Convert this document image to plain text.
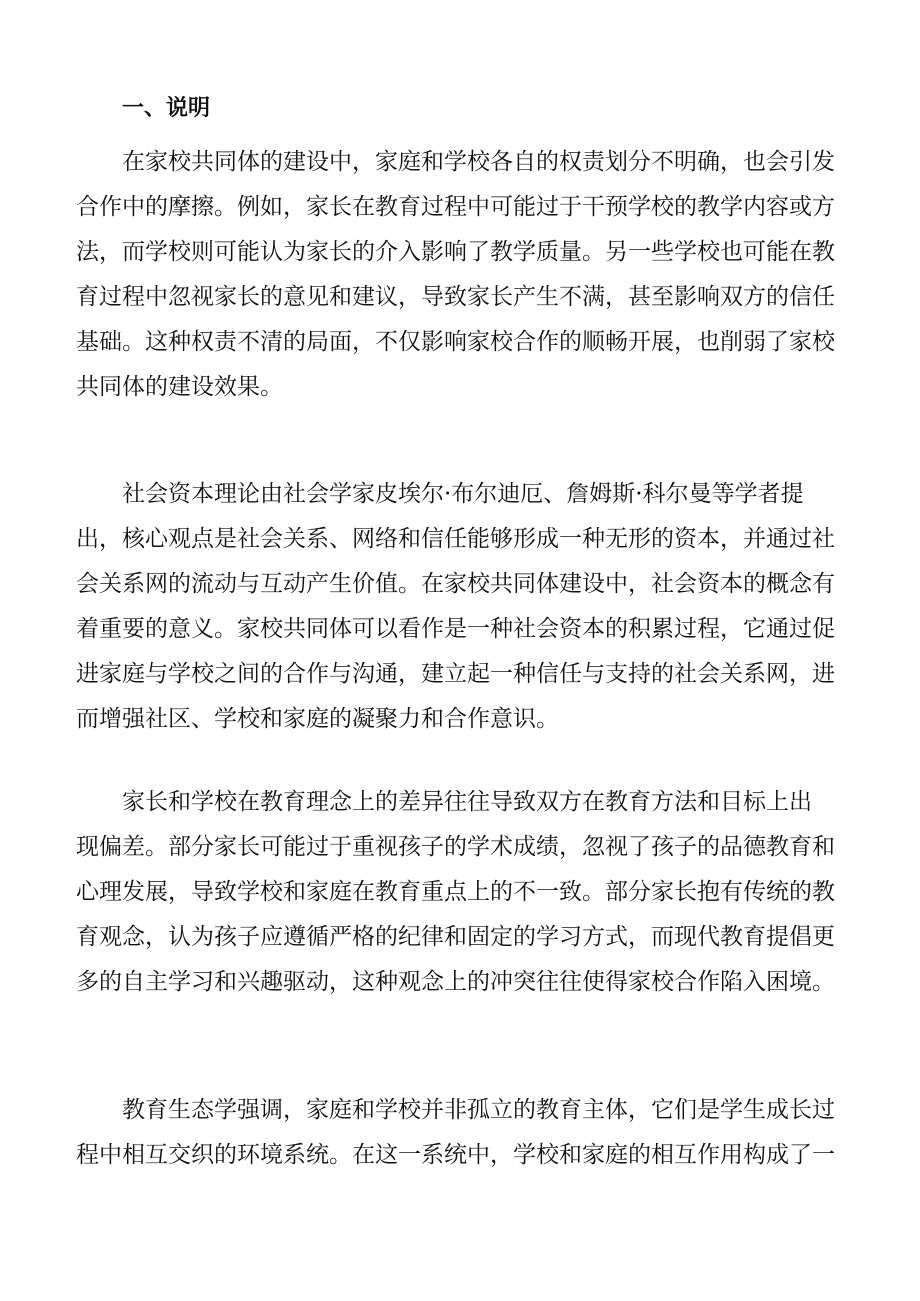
一、说明

在家校共同体的建设中，家庭和学校各自的权责划分不明确，也会引发
合作中的摩擦。例如，家长在教育过程中可能过于干预学校的教学内容或方
法，而学校则可能认为家长的介入影响了教学质量。另一些学校也可能在教
育过程中忽视家长的意见和建议，导致家长产生不满，甚至影响双方的信任
基础。这种权责不清的局面，不仅影响家校合作的顺畅开展，也削弱了家校
共同体的建设效果。

社会资本理论由社会学家皮埃尔·布尔迪厄、詹姆斯·科尔曼等学者提
出，核心观点是社会关系、网络和信任能够形成一种无形的资本，并通过社
会关系网的流动与互动产生价值。在家校共同体建设中，社会资本的概念有
着重要的意义。家校共同体可以看作是一种社会资本的积累过程，它通过促
进家庭与学校之间的合作与沟通，建立起一种信任与支持的社会关系网，进
而增强社区、学校和家庭的凝聚力和合作意识。

家长和学校在教育理念上的差异往往导致双方在教育方法和目标上出
现偏差。部分家长可能过于重视孩子的学术成绩，忽视了孩子的品德教育和
心理发展，导致学校和家庭在教育重点上的不一致。部分家长抱有传统的教
育观念，认为孩子应遵循严格的纪律和固定的学习方式，而现代教育提倡更
多的自主学习和兴趣驱动，这种观念上的冲突往往使得家校合作陷入困境。

教育生态学强调，家庭和学校并非孤立的教育主体，它们是学生成长过
程中相互交织的环境系统。在这一系统中，学校和家庭的相互作用构成了一
